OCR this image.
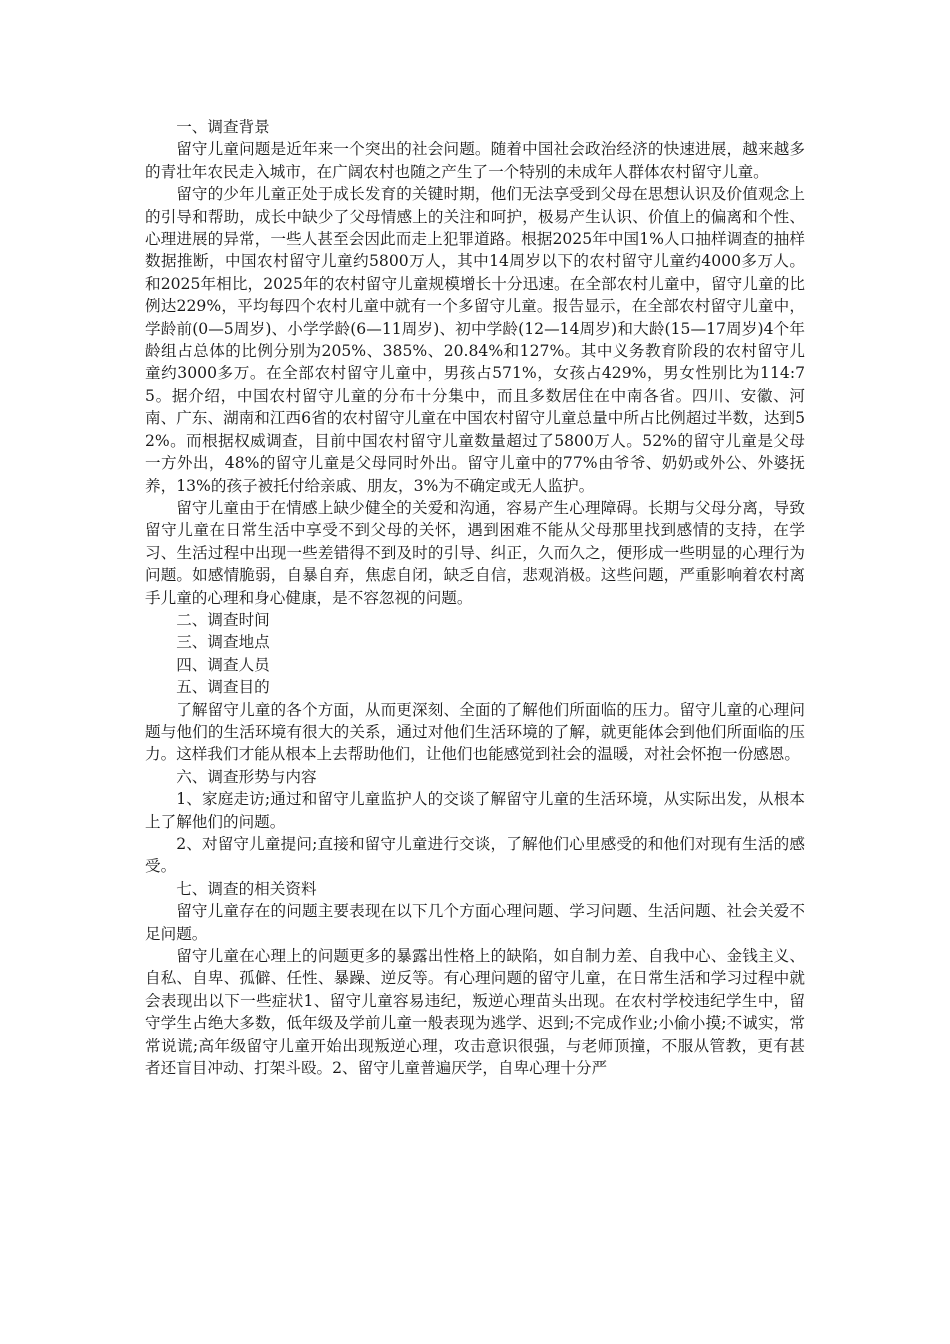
一、调查背景

留守儿童问题是近年来一个突出的社会问题。随着中国社会政治经济的快速进展，越来越多的青壮年农民走入城市，在广阔农村也随之产生了一个特别的未成年人群体农村留守儿童。

留守的少年儿童正处于成长发育的关键时期，他们无法享受到父母在思想认识及价值观念上的引导和帮助，成长中缺少了父母情感上的关注和呵护，极易产生认识、价值上的偏离和个性、心理进展的异常，一些人甚至会因此而走上犯罪道路。根据2025年中国1%人口抽样调查的抽样数据推断，中国农村留守儿童约5800万人，其中14周岁以下的农村留守儿童约4000多万人。和2025年相比，2025年的农村留守儿童规模增长十分迅速。在全部农村儿童中，留守儿童的比例达229%，平均每四个农村儿童中就有一个多留守儿童。报告显示，在全部农村留守儿童中，学龄前(0—5周岁)、小学学龄(6—11周岁)、初中学龄(12—14周岁)和大龄(15—17周岁)4个年龄组占总体的比例分别为205%、385%、20.84%和127%。其中义务教育阶段的农村留守儿童约3000多万。在全部农村留守儿童中，男孩占571%，女孩占429%，男女性别比为114:75。据介绍，中国农村留守儿童的分布十分集中，而且多数居住在中南各省。四川、安徽、河南、广东、湖南和江西6省的农村留守儿童在中国农村留守儿童总量中所占比例超过半数，达到52%。而根据权威调查，目前中国农村留守儿童数量超过了5800万人。52%的留守儿童是父母一方外出，48%的留守儿童是父母同时外出。留守儿童中的77%由爷爷、奶奶或外公、外婆抚养，13%的孩子被托付给亲戚、朋友，3%为不确定或无人监护。

留守儿童由于在情感上缺少健全的关爱和沟通，容易产生心理障碍。长期与父母分离，导致留守儿童在日常生活中享受不到父母的关怀，遇到困难不能从父母那里找到感情的支持，在学习、生活过程中出现一些差错得不到及时的引导、纠正，久而久之，便形成一些明显的心理行为问题。如感情脆弱，自暴自弃，焦虑自闭，缺乏自信，悲观消极。这些问题，严重影响着农村离手儿童的心理和身心健康，是不容忽视的问题。

二、调查时间

三、调查地点

四、调查人员

五、调查目的

了解留守儿童的各个方面，从而更深刻、全面的了解他们所面临的压力。留守儿童的心理问题与他们的生活环境有很大的关系，通过对他们生活环境的了解，就更能体会到他们所面临的压力。这样我们才能从根本上去帮助他们，让他们也能感觉到社会的温暖，对社会怀抱一份感恩。

六、调查形势与内容

1、家庭走访;通过和留守儿童监护人的交谈了解留守儿童的生活环境，从实际出发，从根本上了解他们的问题。

2、对留守儿童提问;直接和留守儿童进行交谈，了解他们心里感受的和他们对现有生活的感受。

七、调查的相关资料

留守儿童存在的问题主要表现在以下几个方面心理问题、学习问题、生活问题、社会关爱不足问题。

留守儿童在心理上的问题更多的暴露出性格上的缺陷，如自制力差、自我中心、金钱主义、自私、自卑、孤僻、任性、暴躁、逆反等。有心理问题的留守儿童，在日常生活和学习过程中就会表现出以下一些症状1、留守儿童容易违纪，叛逆心理苗头出现。在农村学校违纪学生中，留守学生占绝大多数，低年级及学前儿童一般表现为逃学、迟到;不完成作业;小偷小摸;不诚实，常常说谎;高年级留守儿童开始出现叛逆心理，攻击意识很强，与老师顶撞，不服从管教，更有甚者还盲目冲动、打架斗殴。2、留守儿童普遍厌学，自卑心理十分严
